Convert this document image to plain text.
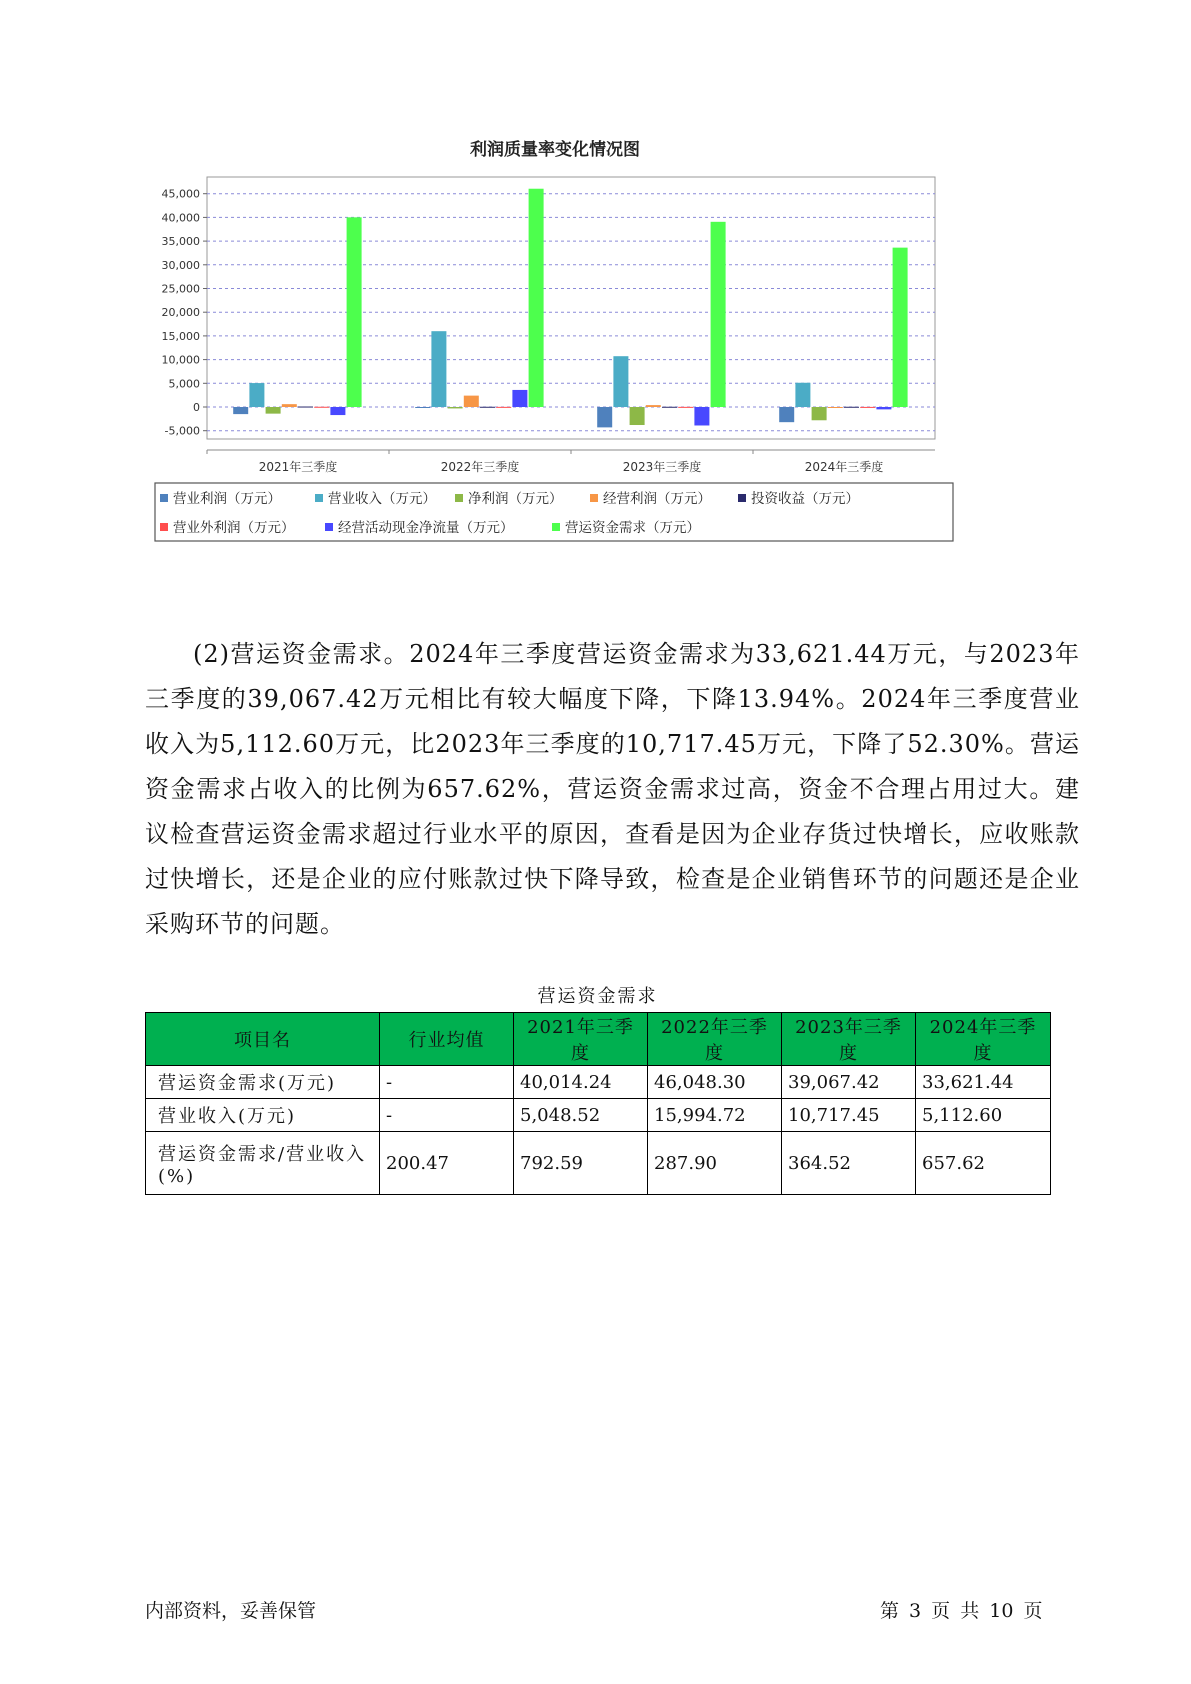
利润质量率变化情况图
45,000
40,000
35,000
30,000
25,000
20,000
15,000
10,000
5,000
0
-5,000
2021年三季度	2022年三季度	2023年三季度	2024年三季度
营业利润（万元）	营业收入（万元） 净利润（万元）	经营利润（万元）	投资收益（万元）
营业外利润（万元）	经营活动现金净流量（万元）	营运资金需求（万元）

(2)营运资金需求。2024年三季度营运资金需求为33,621.44万元，与2023年三季度的39,067.42万元相比有较大幅度下降，下降13.94%。2024年三季度营业收入为5,112.60万元，比2023年三季度的10,717.45万元，下降了52.30%。营运资金需求占收入的比例为657.62%，营运资金需求过高，资金不合理占用过大。建议检查营运资金需求超过行业水平的原因，查看是因为企业存货过快增长，应收账款过快增长，还是企业的应付账款过快下降导致，检查是企业销售环节的问题还是企业采购环节的问题。

营运资金需求
项目名	行业均值	2021年三季度	2022年三季度	2023年三季度	2024年三季度
营运资金需求(万元)	-	40,014.24	46,048.30	39,067.42	33,621.44
营业收入(万元)	-	5,048.52	15,994.72	10,717.45	5,112.60
营运资金需求/营业收入(%)	200.47	792.59	287.90	364.52	657.62
内部资料，妥善保管	第 3 页 共 10 页
